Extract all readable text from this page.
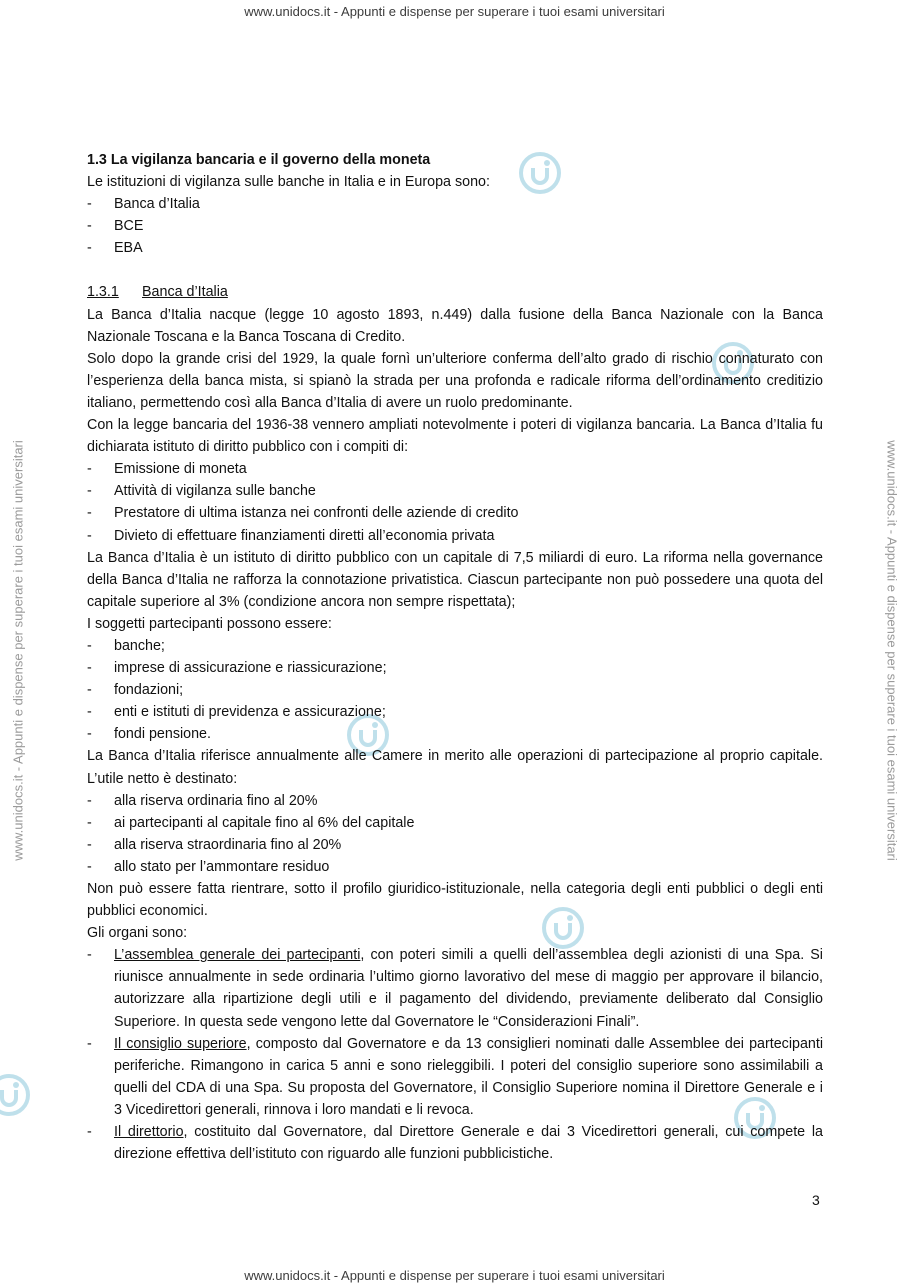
www.unidocs.it - Appunti e dispense per superare i tuoi esami universitari
www.unidocs.it - Appunti e dispense per superare i tuoi esami universitari
www.unidocs.it - Appunti e dispense per superare i tuoi esami universitari	www.unidocs.it - Appunti e dispense per superare i tuoi esami universitari

1.3 La vigilanza bancaria e il governo della moneta

Le istituzioni di vigilanza sulle banche in Italia e in Europa sono:

- Banca d’Italia
- BCE
- EBA
1.3.1	Banca d’Italia

La Banca d’Italia nacque (legge 10 agosto 1893, n.449) dalla fusione della Banca Nazionale con la Banca Nazionale Toscana e la Banca Toscana di Credito.

Solo dopo la grande crisi del 1929, la quale fornì un’ulteriore conferma dell’alto grado di rischio connaturato con l’esperienza della banca mista, si spianò la strada per una profonda e radicale riforma dell’ordinamento creditizio italiano, permettendo così alla Banca d’Italia di avere un ruolo predominante.

Con la legge bancaria del 1936-38 vennero ampliati notevolmente i poteri di vigilanza bancaria. La Banca d’Italia fu dichiarata istituto di diritto pubblico con i compiti di:

- Emissione di moneta
- Attività di vigilanza sulle banche
- Prestatore di ultima istanza nei confronti delle aziende di credito
- Divieto di effettuare finanziamenti diretti all’economia privata

La Banca d’Italia è un istituto di diritto pubblico con un capitale di 7,5 miliardi di euro. La riforma nella governance della Banca d’Italia ne rafforza la connotazione privatistica. Ciascun partecipante non può possedere una quota del capitale superiore al 3% (condizione ancora non sempre rispettata);

I soggetti partecipanti possono essere:

- banche;
- imprese di assicurazione e riassicurazione;
- fondazioni;
- enti e istituti di previdenza e assicurazione;
- fondi pensione.

La Banca d’Italia riferisce annualmente alle Camere in merito alle operazioni di partecipazione al proprio capitale. L’utile netto è destinato:

- alla riserva ordinaria fino al 20%
- ai partecipanti al capitale fino al 6% del capitale
- alla riserva straordinaria fino al 20%
- allo stato per l’ammontare residuo

Non può essere fatta rientrare, sotto il profilo giuridico-istituzionale, nella categoria degli enti pubblici o degli enti pubblici economici.

Gli organi sono:

- L’assemblea generale dei partecipanti, con poteri simili a quelli dell’assemblea degli azionisti di una Spa. Si riunisce annualmente in sede ordinaria l’ultimo giorno lavorativo del mese di maggio per approvare il bilancio, autorizzare alla ripartizione degli utili e il pagamento del dividendo, previamente deliberato dal Consiglio Superiore. In questa sede vengono lette dal Governatore le “Considerazioni Finali”.
- Il consiglio superiore, composto dal Governatore e da 13 consiglieri nominati dalle Assemblee dei partecipanti periferiche. Rimangono in carica 5 anni e sono rieleggibili. I poteri del consiglio superiore sono assimilabili a quelli del CDA di una Spa. Su proposta del Governatore, il Consiglio Superiore nomina il Direttore Generale e i 3 Vicedirettori generali, rinnova i loro mandati e li revoca.
- Il direttorio, costituito dal Governatore, dal Direttore Generale e dai 3 Vicedirettori generali, cui compete la direzione effettiva dell’istituto con riguardo alle funzioni pubblicistiche.
3
